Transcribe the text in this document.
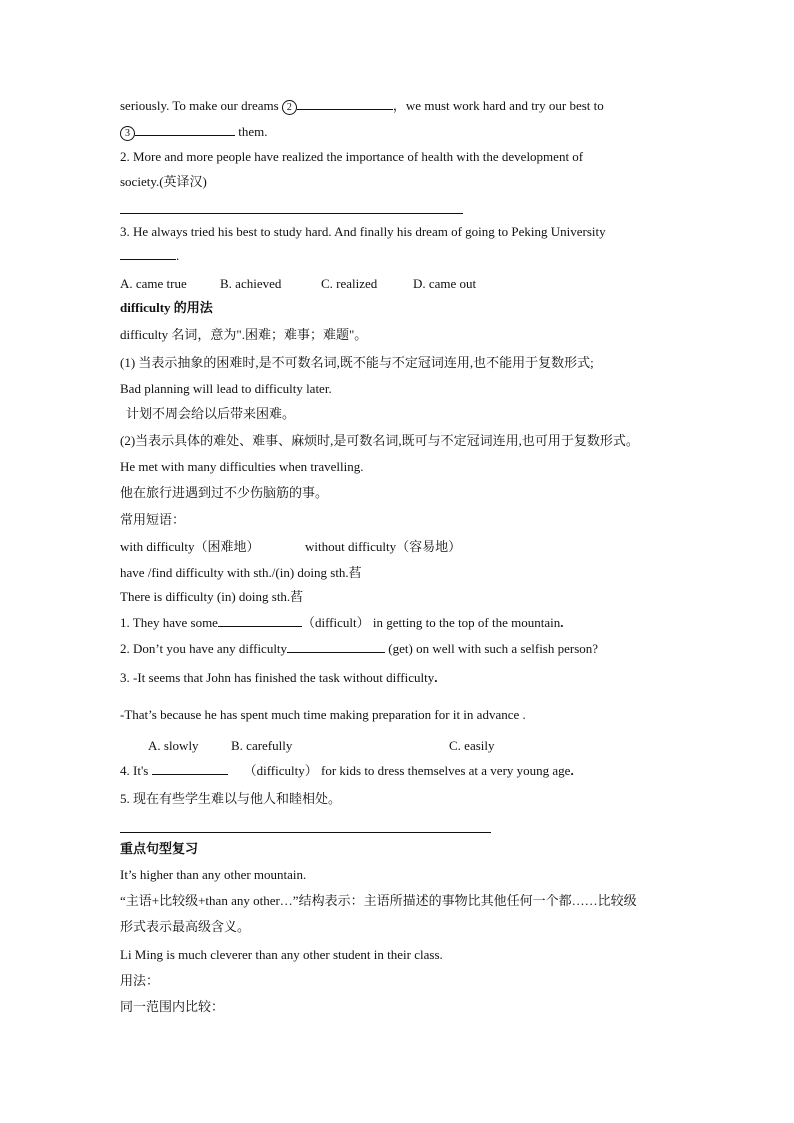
seriously. To make our dreams 2	，we must work hard and try our best to
3	them.
2. More and more people have realized the importance of health with the development of
society.(英译汉)
3. He always tried his best to study hard. And finally his dream of going to Peking University
.
A. came true	B. achieved	C. realized	D. came out
difficulty 的用法
difficulty 名词，意为".困难；难事；难题"。
(1) 当表示抽象的困难时,是不可数名词,既不能与不定冠词连用,也不能用于复数形式;
Bad planning will lead to difficulty later.
计划不周会给以后带来困难。
(2)当表示具体的难处、难事、麻烦时,是可数名词,既可与不定冠词连用,也可用于复数形式。
He met with many difficulties when travelling.
他在旅行进遇到过不少伤脑筋的事。
常用短语：
with difficulty（困难地）	without difficulty（容易地）
have /find difficulty with sth./(in) doing sth.萏
There is difficulty (in) doing sth.萏
1. They have some	（difficult） in getting to the top of the mountain.
2. Don’t you have any difficulty	(get) on well with such a selfish person?
3. -It seems that John has finished the task without difficulty.
-That’s because he has spent much time making preparation for it in advance .
A. slowly B. carefully	C. easily
4. It's	（difficulty） for kids to dress themselves at a very young age.
5. 现在有些学生难以与他人和睦相处。
重点句型复习
It’s higher than any other mountain.
“主语+比较级+than any other…”结构表示：主语所描述的事物比其他任何一个都……比较级
形式表示最高级含义。
Li Ming is much cleverer than any other student in their class.
用法：
同一范围内比较：
